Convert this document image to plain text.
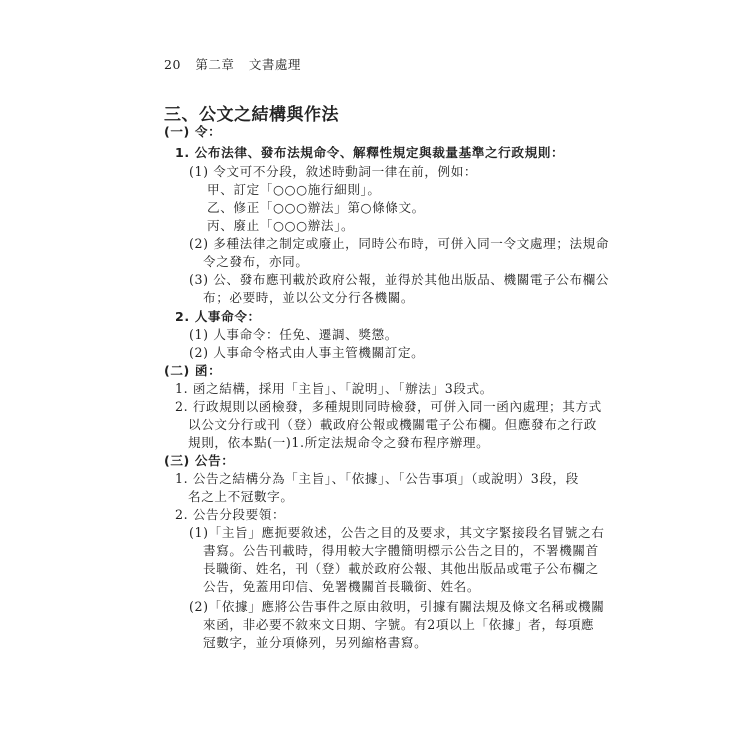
20 第二章 文書處理
三、公文之結構與作法
(一) 令：
1. 公布法律、發布法規命令、解釋性規定與裁量基準之行政規則：
(1) 令文可不分段，敘述時動詞一律在前，例如：
甲、訂定「○○○施行細則」。
乙、修正「○○○辦法」第○條條文。
丙、廢止「○○○辦法」。
(2) 多種法律之制定或廢止，同時公布時，可併入同一令文處理；法規命
令之發布，亦同。
(3) 公、發布應刊載於政府公報，並得於其他出版品、機關電子公布欄公
布；必要時，並以公文分行各機關。
2. 人事命令：
(1) 人事命令：任免、遷調、獎懲。
(2) 人事命令格式由人事主管機關訂定。
(二) 函：
1. 函之結構，採用「主旨」、「說明」、「辦法」3段式。
2. 行政規則以函檢發，多種規則同時檢發，可併入同一函內處理；其方式
以公文分行或刊（登）載政府公報或機關電子公布欄。但應發布之行政
規則，依本點(一)1.所定法規命令之發布程序辦理。
(三) 公告：
1. 公告之結構分為「主旨」、「依據」、「公告事項」（或說明）3段，段
名之上不冠數字。
2. 公告分段要領：
(1)「主旨」應扼要敘述，公告之目的及要求，其文字緊接段名冒號之右
書寫。公告刊載時，得用較大字體簡明標示公告之目的，不署機關首
長職銜、姓名，刊（登）載於政府公報、其他出版品或電子公布欄之
公告，免蓋用印信、免署機關首長職銜、姓名。
(2)「依據」應將公告事件之原由敘明，引據有關法規及條文名稱或機關
來函，非必要不敘來文日期、字號。有2項以上「依據」者，每項應
冠數字，並分項條列，另列縮格書寫。
